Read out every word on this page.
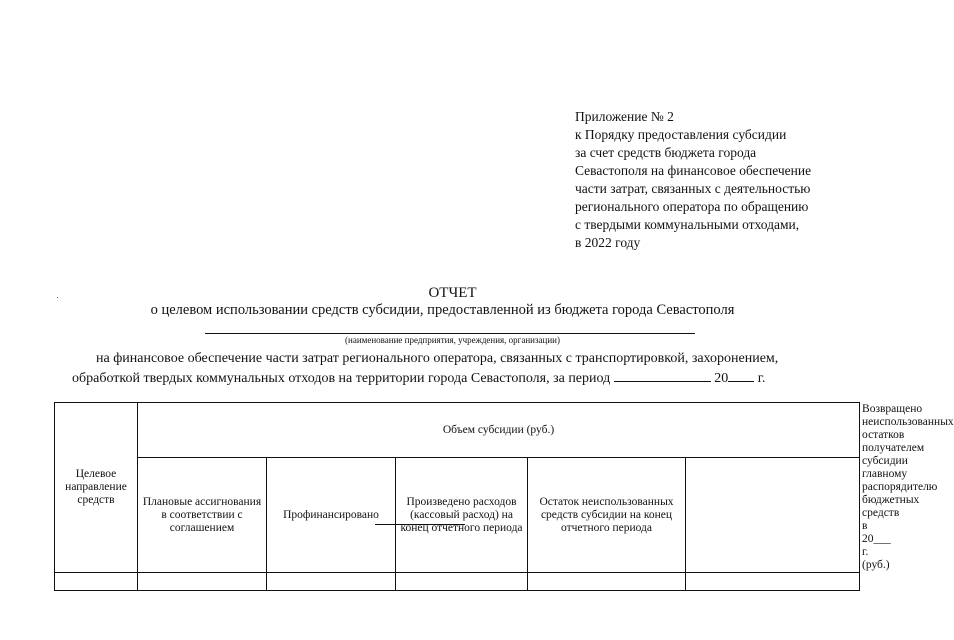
Приложение № 2
к Порядку предоставления субсидии
за счет средств бюджета города
Севастополя на финансовое обеспечение
части затрат, связанных с деятельностью
регионального оператора по обращению
с твердыми коммунальными отходами,
в 2022 году
ОТЧЕТ
о целевом использовании средств субсидии, предоставленной из бюджета города Севастополя
(наименование предприятия, учреждения, организации)
на финансовое обеспечение части затрат регионального оператора, связанных с транспортировкой, захоронением,
обработкой твердых коммунальных отходов на территории города Севастополя, за период	20 г.
Целевое направление средств	Объем субсидии (руб.)					Возвращено неиспользованных остатков получателем субсидии главному распорядителю бюджетных средств в 20___ г. (руб.)
	Плановые ассигнования в соответствии с соглашением	Профинансировано	Произведено расходов (кассовый расход) на конец отчетного периода	Остаток неиспользованных средств субсидии на конец отчетного периода		
